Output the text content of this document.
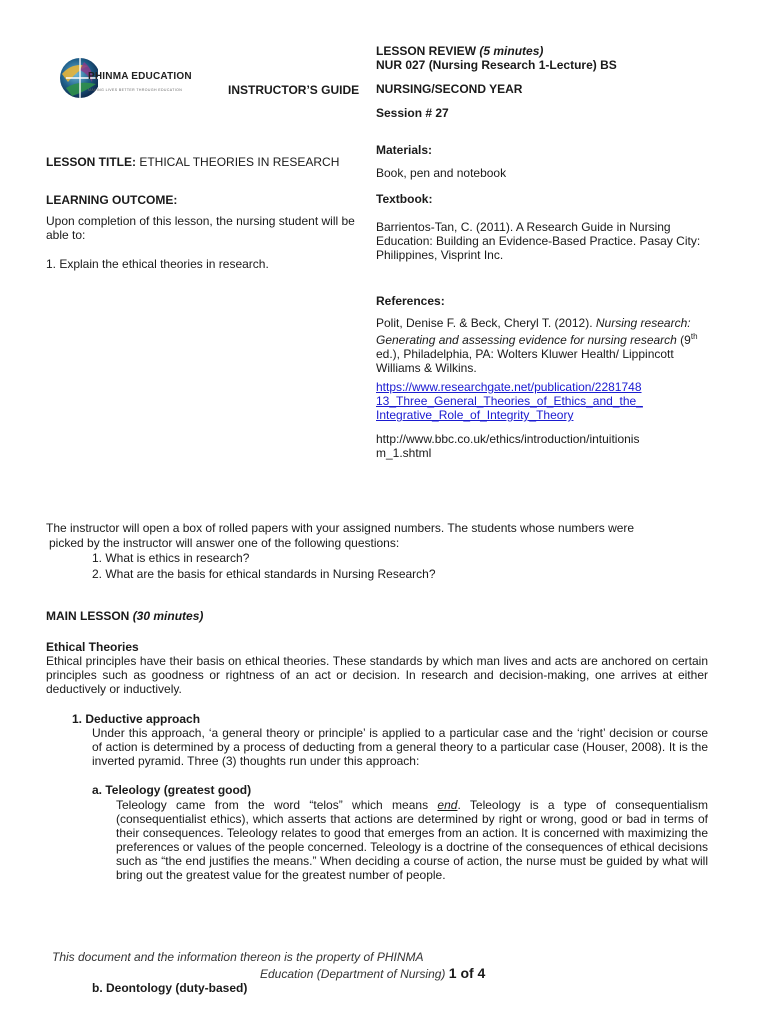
PHINMA EDUCATION
MAKING LIVES BETTER THROUGH EDUCATION	INSTRUCTOR’S GUIDE
LESSON REVIEW (5 minutes)
NUR 027 (Nursing Research 1-Lecture) BS
NURSING/SECOND YEAR
Session # 27
LESSON TITLE: ETHICAL THEORIES IN RESEARCH
LEARNING OUTCOME:
Upon completion of this lesson, the nursing student will be able to:
1. Explain the ethical theories in research.
Materials:
Book, pen and notebook
Textbook:
Barrientos-Tan, C. (2011). A Research Guide in Nursing Education: Building an Evidence-Based Practice. Pasay City: Philippines, Visprint Inc.
References:
Polit, Denise F. & Beck, Cheryl T. (2012). Nursing research: Generating and assessing evidence for nursing research (9th ed.), Philadelphia, PA: Wolters Kluwer Health/ Lippincott Williams & Wilkins.
https://www.researchgate.net/publication/2281748
13_Three_General_Theories_of_Ethics_and_the_
Integrative_Role_of_Integrity_Theory
http://www.bbc.co.uk/ethics/introduction/intuitionis
m_1.shtml
The instructor will open a box of rolled papers with your assigned numbers. The students whose numbers were
picked by the instructor will answer one of the following questions:
1. What is ethics in research?
2. What are the basis for ethical standards in Nursing Research?
MAIN LESSON (30 minutes)
Ethical Theories

Ethical principles have their basis on ethical theories. These standards by which man lives and acts are anchored on certain principles such as goodness or rightness of an act or decision. In research and decision-making, one arrives at either deductively or inductively.

1. Deductive approach

Under this approach, ‘a general theory or principle’ is applied to a particular case and the ‘right’ decision or course of action is determined by a process of deducting from a general theory to a particular case (Houser, 2008). It is the inverted pyramid. Three (3) thoughts run under this approach:

a. Teleology (greatest good)

Teleology came from the word “telos” which means end. Teleology is a type of consequentialism (consequentialist ethics), which asserts that actions are determined by right or wrong, good or bad in terms of their consequences. Teleology relates to good that emerges from an action. It is concerned with maximizing the preferences or values of the people concerned. Teleology is a doctrine of the consequences of ethical decisions such as “the end justifies the means.” When deciding a course of action, the nurse must be guided by what will bring out the greatest value for the greatest number of people.

This document and the information thereon is the property of PHINMA
Education (Department of Nursing) 1 of 4
b. Deontology (duty-based)
